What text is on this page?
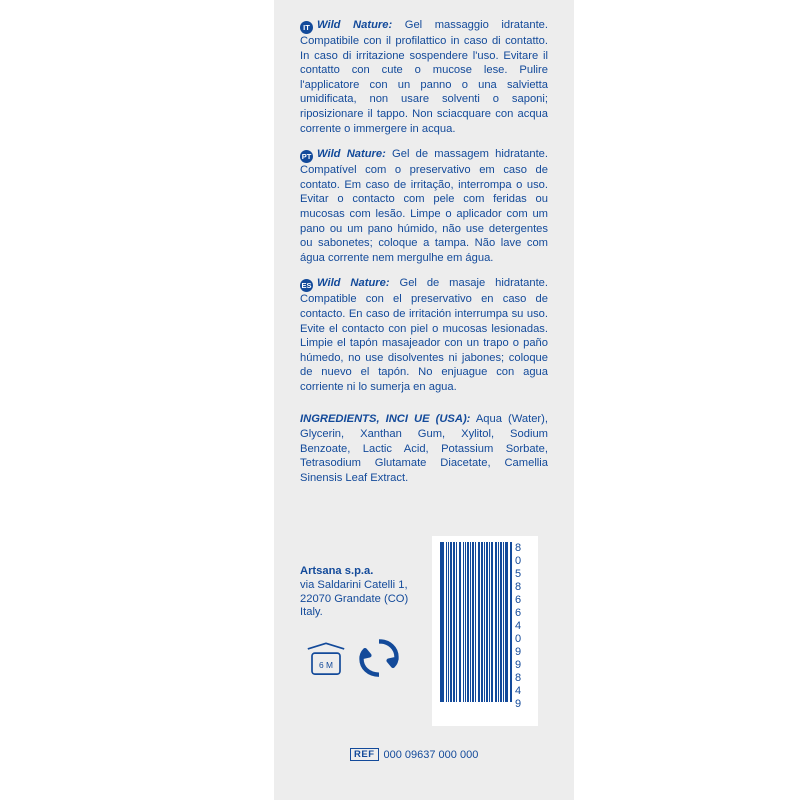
IT Wild Nature: Gel massaggio idratante. Compatibile con il profilattico in caso di contatto. In caso di irritazione sospendere l'uso. Evitare il contatto con cute o mucose lese. Pulire l'applicatore con un panno o una salvietta umidificata, non usare solventi o saponi; riposizionare il tappo. Non sciacquare con acqua corrente o immergere in acqua.

PT Wild Nature: Gel de massagem hidratante. Compatível com o preservativo em caso de contato. Em caso de irritação, interrompa o uso. Evitar o contacto com pele com feridas ou mucosas com lesão. Limpe o aplicador com um pano ou um pano húmido, não use detergentes ou sabonetes; coloque a tampa. Não lave com água corrente nem mergulhe em água.

ES Wild Nature: Gel de masaje hidratante. Compatible con el preservativo en caso de contacto. En caso de irritación interrumpa su uso. Evite el contacto con piel o mucosas lesionadas. Limpie el tapón masajeador con un trapo o paño húmedo, no use disolventes ni jabones; coloque de nuevo el tapón. No enjuague con agua corriente ni lo sumerja en agua.

INGREDIENTS, INCI UE (USA): Aqua (Water), Glycerin, Xanthan Gum, Xylitol, Sodium Benzoate, Lactic Acid, Potassium Sorbate, Tetrasodium Glutamate Diacetate, Camellia Sinensis Leaf Extract.

Artsana s.p.a.
via Saldarini Catelli 1,
22070 Grandate (CO)
Italy.	8058664099849
6 M
REF 000 09637 000 000
